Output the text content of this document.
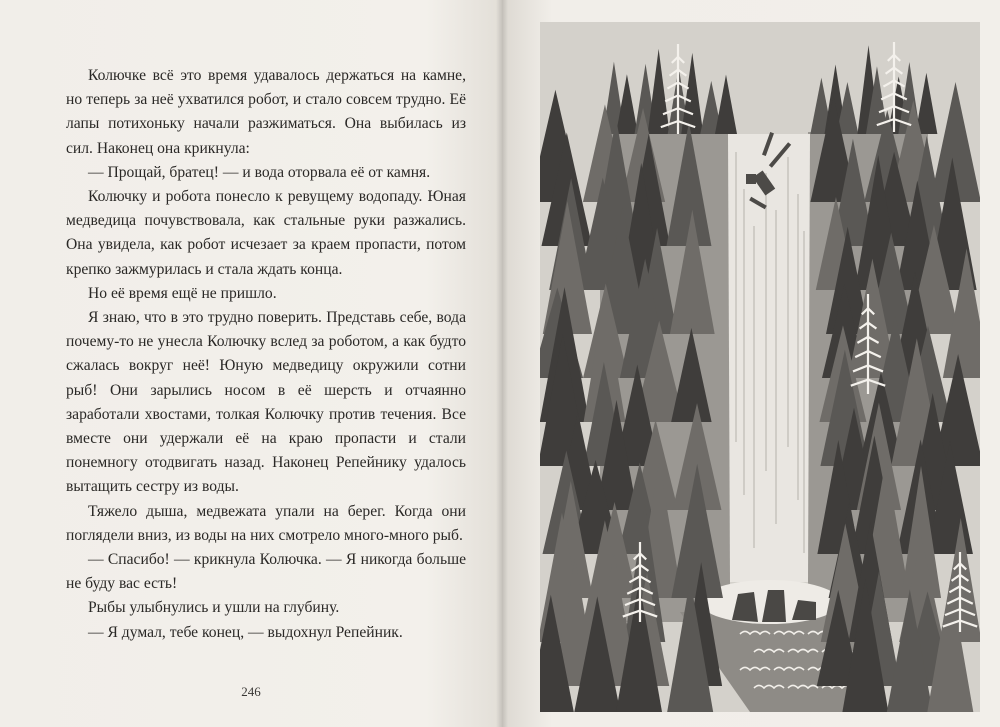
Колючке всё это время удавалось держаться на камне, но теперь за неё ухватился робот, и стало совсем трудно. Её лапы потихоньку начали разжиматься. Она выбилась из сил. Наконец она крикнула:

— Прощай, братец! — и вода оторвала её от камня.

Колючку и робота понесло к ревущему водопаду. Юная медведица почувствовала, как стальные руки разжались. Она увидела, как робот исчезает за краем пропасти, потом крепко зажмурилась и стала ждать конца.

Но её время ещё не пришло.

Я знаю, что в это трудно поверить. Представь себе, вода почему-то не унесла Колючку вслед за роботом, а как будто сжалась вокруг неё! Юную медведицу окружили сотни рыб! Они зарылись носом в её шерсть и отчаянно заработали хвостами, толкая Колючку против течения. Все вместе они удержали её на краю пропасти и стали понемногу отодвигать назад. Наконец Репейнику удалось вытащить сестру из воды.

Тяжело дыша, медвежата упали на берег. Когда они поглядели вниз, из воды на них смотрело много-много рыб.

— Спасибо! — крикнула Колючка. — Я никогда больше не буду вас есть!

Рыбы улыбнулись и ушли на глубину.

— Я думал, тебе конец, — выдохнул Репейник.

246
